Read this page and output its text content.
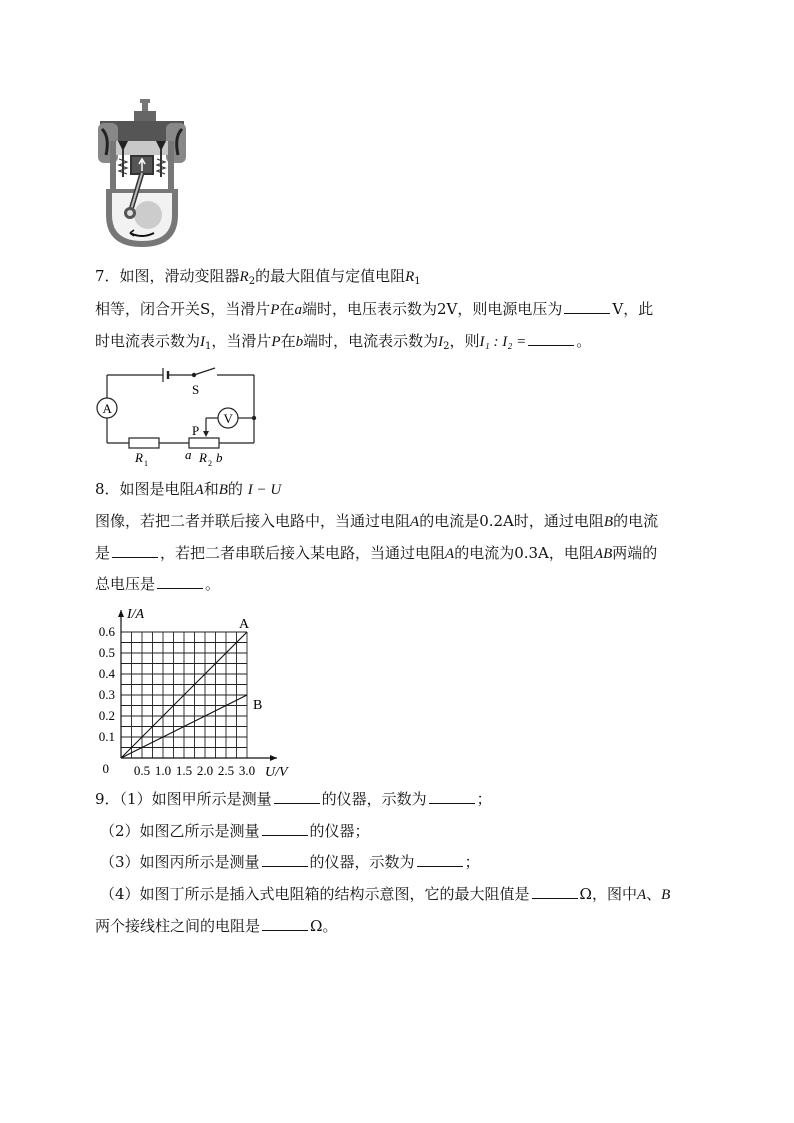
7．如图，滑动变阻器$R_2$的最大阻值与定值电阻$R_1$
相等，闭合开关S，当滑片P在a端时，电压表示数为2V，则电源电压为	V，此
时电流表示数为$I_1$，当滑片P在b端时，电流表示数为$I_2$，则I₁ : I₂ =	。
S
A
V
P
R 1
a R 2 b
8．如图是电阻A和B的 I − U
图像，若把二者并联后接入电路中，当通过电阻A的电流是0.2A时，通过电阻B的电流
是	，若把二者串联后接入某电路，当通过电阻A的电流为0.3A，电阻AB两端的
总电压是	。
A
B
0.5 1.0 1.5 2.0 2.5 3.0
0.1
0.2
0.3
0.4
0.5
0.6
0
I/A
U/V
9．（1）如图甲所示是测量	的仪器，示数为	；
（2）如图乙所示是测量	的仪器；
（3）如图丙所示是测量	的仪器，示数为	；
（4）如图丁所示是插入式电阻箱的结构示意图，它的最大阻值是	Ω，图中A、B
两个接线柱之间的电阻是	Ω。
